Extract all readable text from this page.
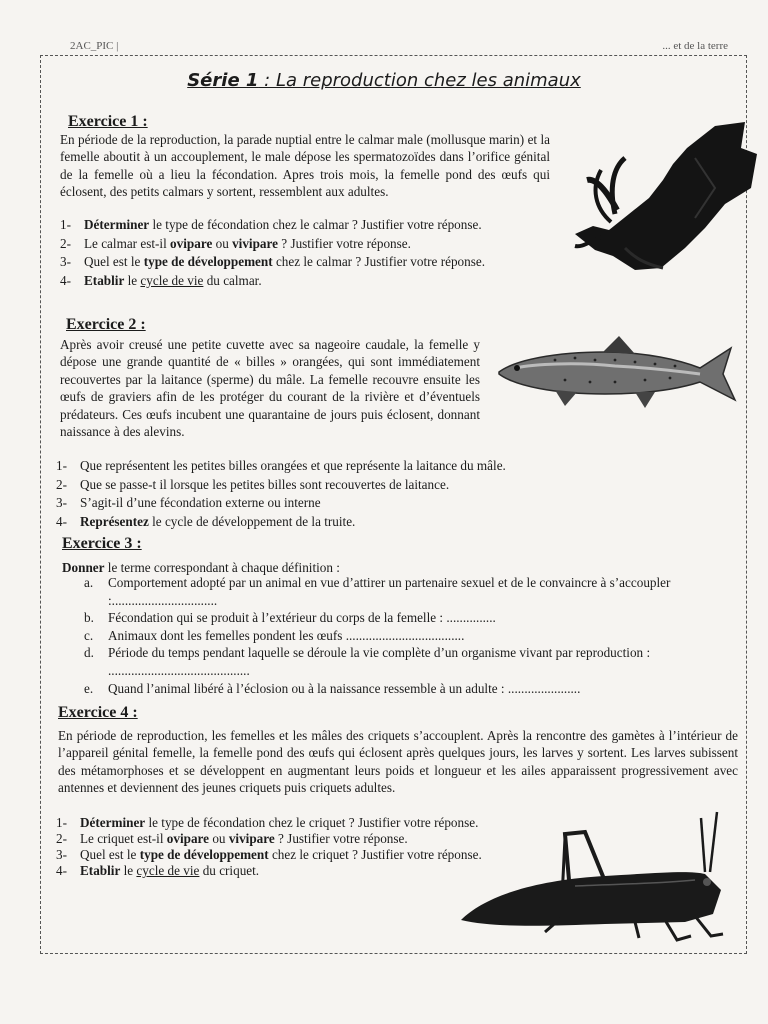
2AC_PIC |	... et de la terre
Série 1 : La reproduction chez les animaux
Exercice 1 :

En période de la reproduction, la parade nuptial entre le calmar male (mollusque marin) et la femelle aboutit à un accouplement, le male dépose les spermatozoïdes dans l’orifice génital de la femelle où a lieu la fécondation. Apres trois mois, la femelle pond des œufs qui éclosent, des petits calmars y sortent, ressemblent aux adultes.

1- Déterminer le type de fécondation chez le calmar ? Justifier votre réponse.
2- Le calmar est-il ovipare ou vivipare ? Justifier votre réponse.
3- Quel est le type de développement chez le calmar ? Justifier votre réponse.
4- Etablir le cycle de vie du calmar.
Exercice 2 :

Après avoir creusé une petite cuvette avec sa nageoire caudale, la femelle y dépose une grande quantité de « billes » orangées, qui sont immédiatement recouvertes par la laitance (sperme) du mâle. La femelle recouvre ensuite les œufs de graviers afin de les protéger du courant de la rivière et d’éventuels prédateurs. Ces œufs incubent une quarantaine de jours puis éclosent, donnant naissance à des alevins.

1- Que représentent les petites billes orangées et que représente la laitance du mâle.
2- Que se passe-t il lorsque les petites billes sont recouvertes de laitance.
3- S’agit-il d’une fécondation externe ou interne
4- Représentez le cycle de développement de la truite.
Exercice 3 :

Donner le terme correspondant à chaque définition :

a. Comportement adopté par un animal en vue d’attirer un partenaire sexuel et de le convaincre à s’accoupler :................................
b. Fécondation qui se produit à l’extérieur du corps de la femelle : ...............
c. Animaux dont les femelles pondent les œufs ....................................
d. Période du temps pendant laquelle se déroule la vie complète d’un organisme vivant par reproduction : ...........................................
e. Quand l’animal libéré à l’éclosion ou à la naissance ressemble à un adulte : ......................
Exercice 4 :

En période de reproduction, les femelles et les mâles des criquets s’accouplent. Après la rencontre des gamètes à l’intérieur de l’appareil génital femelle, la femelle pond des œufs qui éclosent après quelques jours, les larves y sortent. Les larves subissent des métamorphoses et se développent en augmentant leurs poids et longueur et les ailes apparaissent progressivement avec antennes et deviennent des jeunes criquets puis criquets adultes.

1- Déterminer le type de fécondation chez le criquet ? Justifier votre réponse.
2- Le criquet est-il ovipare ou vivipare ? Justifier votre réponse.
3- Quel est le type de développement chez le criquet ? Justifier votre réponse.
4- Etablir le cycle de vie du criquet.
